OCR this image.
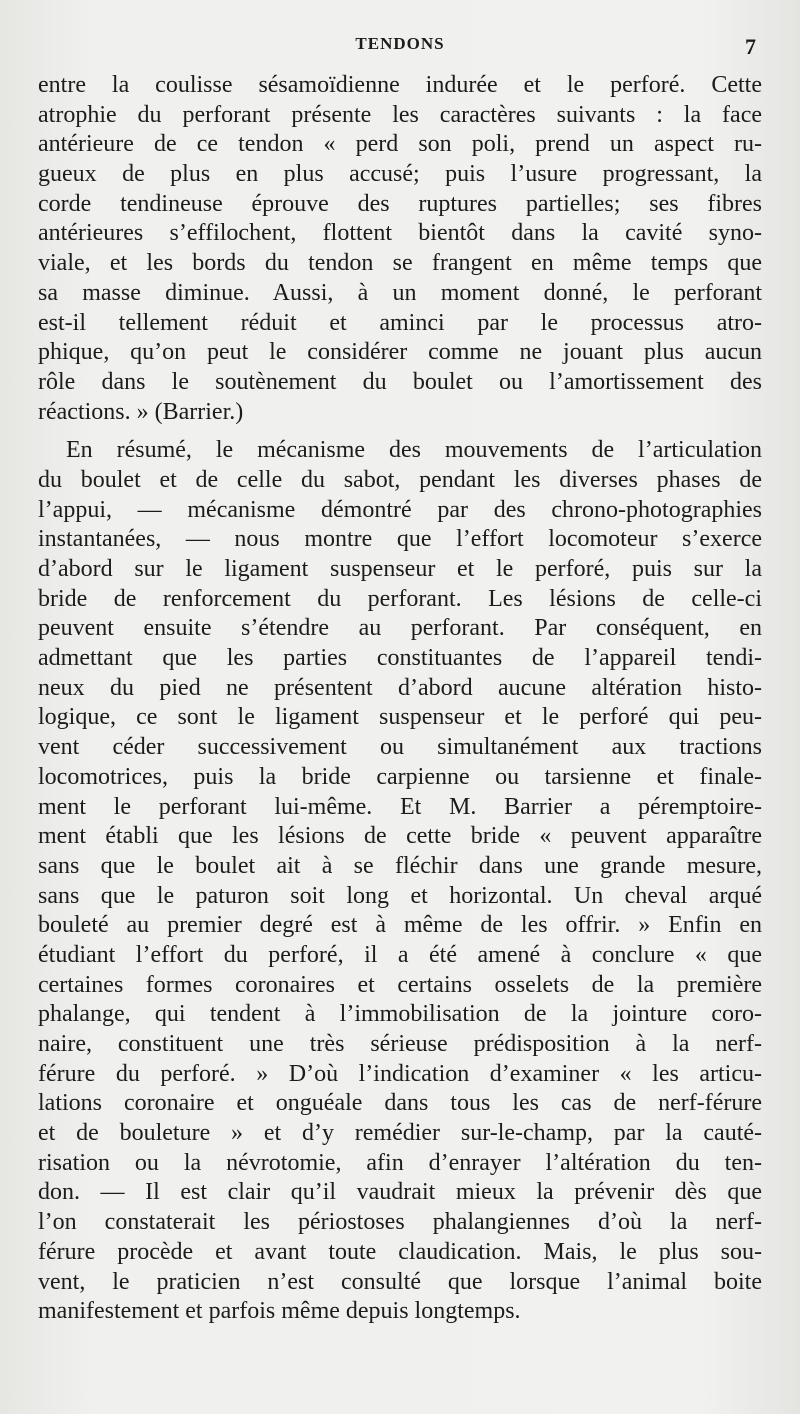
TENDONS	7
entre la coulisse sésamoïdienne indurée et le perforé. Cette
atrophie du perforant présente les caractères suivants : la face
antérieure de ce tendon « perd son poli, prend un aspect ru-
gueux de plus en plus accusé; puis l’usure progressant, la
corde tendineuse éprouve des ruptures partielles; ses fibres
antérieures s’effilochent, flottent bientôt dans la cavité syno-
viale, et les bords du tendon se frangent en même temps que
sa masse diminue. Aussi, à un moment donné, le perforant
est-il tellement réduit et aminci par le processus atro-
phique, qu’on peut le considérer comme ne jouant plus aucun
rôle dans le soutènement du boulet ou l’amortissement des
réactions. » (Barrier.)
En résumé, le mécanisme des mouvements de l’articulation
du boulet et de celle du sabot, pendant les diverses phases de
l’appui, — mécanisme démontré par des chrono-photographies
instantanées, — nous montre que l’effort locomoteur s’exerce
d’abord sur le ligament suspenseur et le perforé, puis sur la
bride de renforcement du perforant. Les lésions de celle-ci
peuvent ensuite s’étendre au perforant. Par conséquent, en
admettant que les parties constituantes de l’appareil tendi-
neux du pied ne présentent d’abord aucune altération histo-
logique, ce sont le ligament suspenseur et le perforé qui peu-
vent céder successivement ou simultanément aux tractions
locomotrices, puis la bride carpienne ou tarsienne et finale-
ment le perforant lui-même. Et M. Barrier a péremptoire-
ment établi que les lésions de cette bride « peuvent apparaître
sans que le boulet ait à se fléchir dans une grande mesure,
sans que le paturon soit long et horizontal. Un cheval arqué
bouleté au premier degré est à même de les offrir. » Enfin en
étudiant l’effort du perforé, il a été amené à conclure « que
certaines formes coronaires et certains osselets de la première
phalange, qui tendent à l’immobilisation de la jointure coro-
naire, constituent une très sérieuse prédisposition à la nerf-
férure du perforé. » D’où l’indication d’examiner « les articu-
lations coronaire et onguéale dans tous les cas de nerf-férure
et de bouleture » et d’y remédier sur-le-champ, par la cauté-
risation ou la névrotomie, afin d’enrayer l’altération du ten-
don. — Il est clair qu’il vaudrait mieux la prévenir dès que
l’on constaterait les périostoses phalangiennes d’où la nerf-
férure procède et avant toute claudication. Mais, le plus sou-
vent, le praticien n’est consulté que lorsque l’animal boite
manifestement et parfois même depuis longtemps.
